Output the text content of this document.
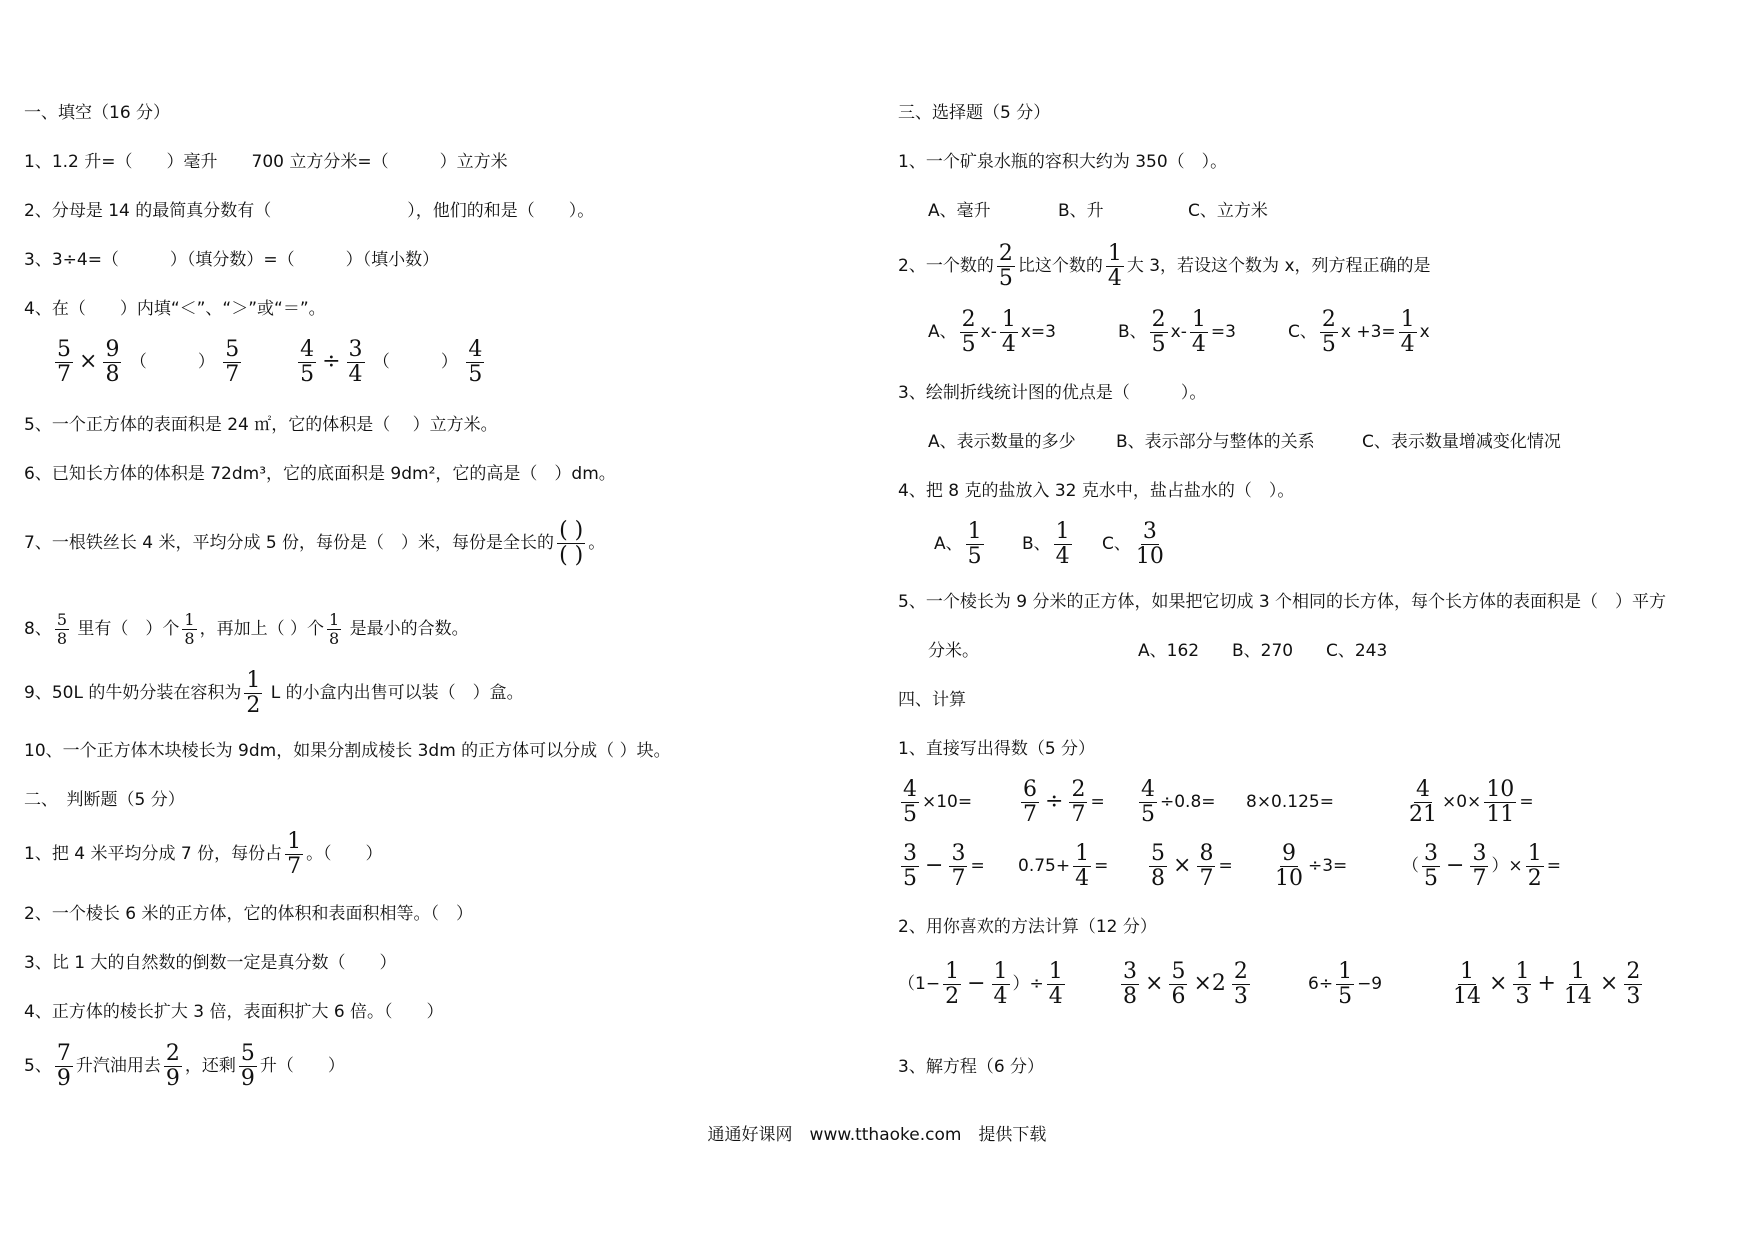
一、填空（16 分）
1、1.2 升=（　　）毫升　　700 立方分米=（　　　）立方米
2、分母是 14 的最简真分数有（　　　　　　　　），他们的和是（　　）。
3、3÷4=（　　　）（填分数）=（　　　）（填小数）
4、在（　　）内填“＜”、“＞”或“＝”。
$\frac{5}{7} \times \frac{9}{8}$ （　　　） $\frac{5}{7}$
	$\frac{4}{5} \div \frac{3}{4}$ （　　　） $\frac{4}{5}$
5、一个正方体的表面积是 24 ㎡，它的体积是（　 ）立方米。
6、已知长方体的体积是 72dm³，它的底面积是 9dm²，它的高是（　）dm。
7、一根铁丝长 4 米，平均分成 5 份，每份是（　）米，每份是全长的 $\frac{( )}{( )}$ 。
8、 $\frac{5}{8}$ 里有（　）个 $\frac{1}{8}$ ，再加上（ ）个 $\frac{1}{8}$ 是最小的合数。
9、50L 的牛奶分装在容积为 $\frac{1}{2}$ L 的小盒内出售可以装（　）盒。
10、一个正方体木块棱长为 9dm，如果分割成棱长 3dm 的正方体可以分成（ ）块。
二、　判断题（5 分）
1、把 4 米平均分成 7 份，每份占 $\frac{1}{7}$ 。（　　）
2、一个棱长 6 米的正方体，它的体积和表面积相等。（　）
3、比 1 大的自然数的倒数一定是真分数（　　）
4、正方体的棱长扩大 3 倍，表面积扩大 6 倍。（　　）
5、 $\frac{7}{9}$ 升汽油用去 $\frac{2}{9}$ ，还剩 $\frac{5}{9}$ 升（　　）
三、选择题（5 分）
1、一个矿泉水瓶的容积大约为 350（　）。
A、毫升	B、升	C、立方米
2、一个数的 $\frac{2}{5}$ 比这个数的 $\frac{1}{4}$ 大 3，若设这个数为 x，列方程正确的是
A、 $\frac{2}{5} x- \frac{1}{4} x=3$	B、 $\frac{2}{5} x- \frac{1}{4} =3$	C、 $\frac{2}{5}$ $x +3= \frac{1}{4}$ x
3、绘制折线统计图的优点是（　　　）。
A、表示数量的多少 B、表示部分与整体的关系	C、表示数量增减变化情况
4、把 8 克的盐放入 32 克水中，盐占盐水的（　）。
A、 $\frac{1}{5}$ B、 $\frac{1}{4}$ C、 $\frac{3}{10}$
5、一个棱长为 9 分米的正方体，如果把它切成 3 个相同的长方体，每个长方体的表面积是（　）平方
分米。	A、162 B、270 C、243
四、计算
1、直接写出得数（5 分）
$\frac{4}{5} \times 10= \frac{6}{7} \div \frac{2}{7} = \frac{4}{5} \div 0.8= 8\times 0.125=$	$\frac{4}{21} \times 0\times \frac{10}{11}$ =
$\frac{3}{5} - \frac{3}{7} = 0.75+ \frac{1}{4} = \frac{5}{8} \times \frac{8}{7} = \frac{9}{10} \div 3=$	（ $\frac{3}{5} - \frac{3}{7}$ ）× $\frac{1}{2}$ =
2、用你喜欢的方法计算（12 分）
（$1- \frac{1}{2} - \frac{1}{4}$ ）÷ $\frac{1}{4}$	$\frac{3}{8} \times \frac{5}{6} \times 2 \frac{2}{3}$	$6\div \frac{1}{5} -9$	$\frac{1}{14} \times \frac{1}{3} + \frac{1}{14} \times \frac{2}{3}$
3、解方程（6 分）
通通好课网　www.tthaoke.com　提供下载
